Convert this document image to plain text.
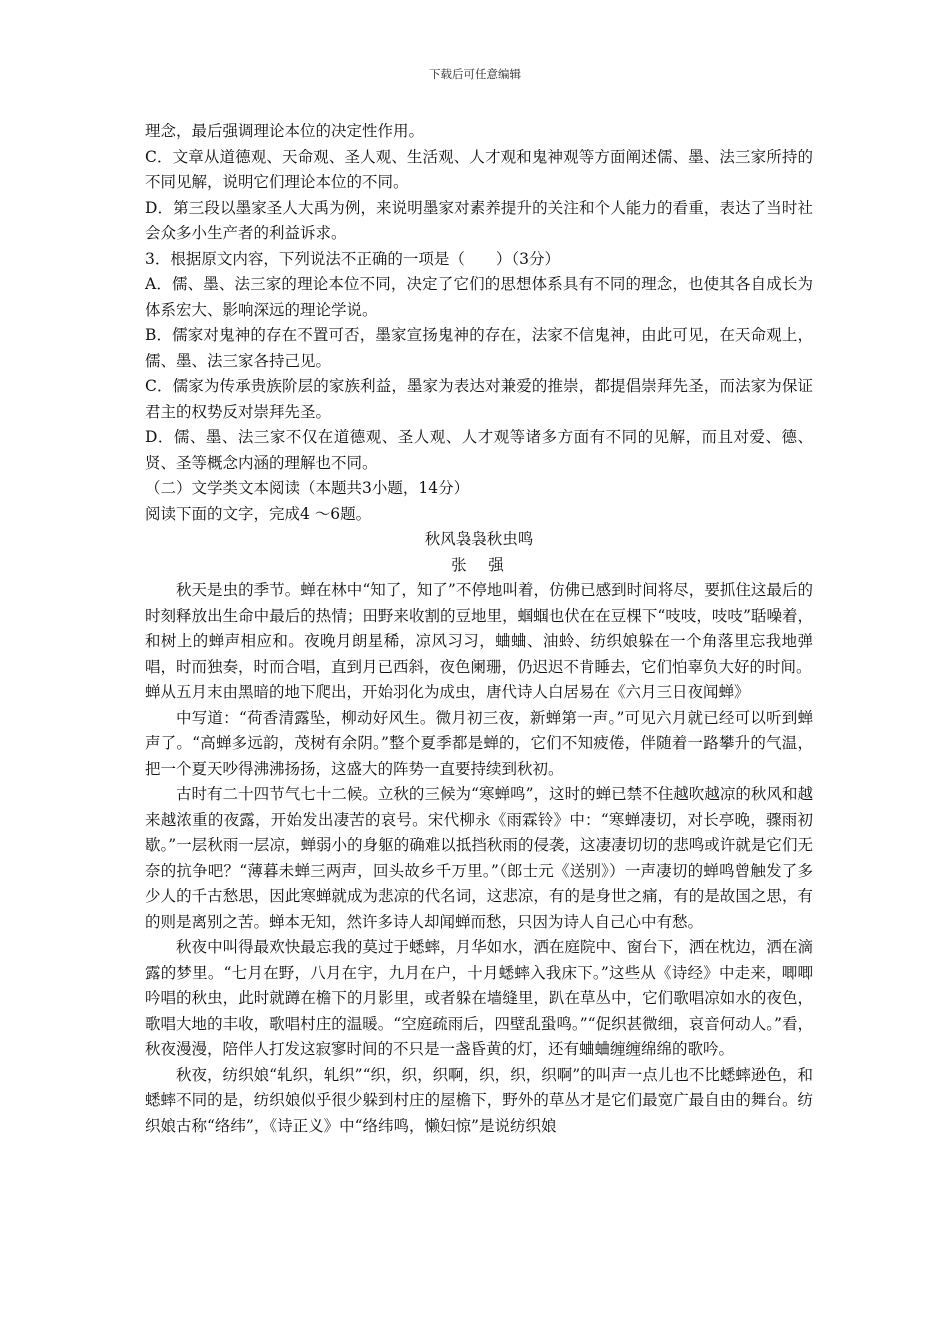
下载后可任意编辑

理念，最后强调理论本位的决定性作用。

C．文章从道德观、天命观、圣人观、生活观、人才观和鬼神观等方面阐述儒、墨、法三家所持的不同见解，说明它们理论本位的不同。

D．第三段以墨家圣人大禹为例，来说明墨家对素养提升的关注和个人能力的看重，表达了当时社会众多小生产者的利益诉求。

3．根据原文内容，下列说法不正确的一项是（　　）（3分）

A．儒、墨、法三家的理论本位不同，决定了它们的思想体系具有不同的理念，也使其各自成长为体系宏大、影响深远的理论学说。

B．儒家对鬼神的存在不置可否，墨家宣扬鬼神的存在，法家不信鬼神，由此可见，在天命观上，儒、墨、法三家各持己见。

C．儒家为传承贵族阶层的家族利益，墨家为表达对兼爱的推崇，都提倡崇拜先圣，而法家为保证君主的权势反对崇拜先圣。

D．儒、墨、法三家不仅在道德观、圣人观、人才观等诸多方面有不同的见解，而且对爱、德、贤、圣等概念内涵的理解也不同。

（二）文学类文本阅读（本题共3小题，14分）

阅读下面的文字，完成4 ～6题。

秋风袅袅秋虫鸣

张　强

秋天是虫的季节。蝉在林中“知了，知了”不停地叫着，仿佛已感到时间将尽，要抓住这最后的时刻释放出生命中最后的热情；田野来收割的豆地里，蝈蝈也伏在在豆棵下“吱吱，吱吱”聒噪着，和树上的蝉声相应和。夜晚月朗星稀，凉风习习，蛐蛐、油蛉、纺织娘躲在一个角落里忘我地弹唱，时而独奏，时而合唱，直到月已西斜，夜色阑珊，仍迟迟不肯睡去，它们怕辜负大好的时间。

蝉从五月末由黑暗的地下爬出，开始羽化为成虫，唐代诗人白居易在《六月三日夜闻蝉》

中写道：“荷香清露坠，柳动好风生。微月初三夜，新蝉第一声。”可见六月就已经可以听到蝉声了。“高蝉多远韵，茂树有余阴。”整个夏季都是蝉的，它们不知疲倦，伴随着一路攀升的气温，把一个夏天吵得沸沸扬扬，这盛大的阵势一直要持续到秋初。

古时有二十四节气七十二候。立秋的三候为“寒蝉鸣”，这时的蝉已禁不住越吹越凉的秋风和越来越浓重的夜露，开始发出凄苦的哀号。宋代柳永《雨霖铃》中：“寒蝉凄切，对长亭晚，骤雨初歇。”一层秋雨一层凉，蝉弱小的身躯的确难以抵挡秋雨的侵袭，这凄凄切切的悲鸣或许就是它们无奈的抗争吧？“薄暮未蝉三两声，回头故乡千万里。”（郎士元《送别》）一声凄切的蝉鸣曾触发了多少人的千古愁思，因此寒蝉就成为悲凉的代名词，这悲凉，有的是身世之痛，有的是故国之思，有的则是离别之苦。蝉本无知，然许多诗人却闻蝉而愁，只因为诗人自己心中有愁。

秋夜中叫得最欢快最忘我的莫过于蟋蟀，月华如水，洒在庭院中、窗台下，洒在枕边，洒在滴露的梦里。“七月在野，八月在宇，九月在户，十月蟋蟀入我床下。”这些从《诗经》中走来，唧唧吟唱的秋虫，此时就蹲在檐下的月影里，或者躲在墙缝里，趴在草丛中，它们歌唱凉如水的夜色，歌唱大地的丰收，歌唱村庄的温暖。“空庭疏雨后，四壁乱蛩鸣。”“促织甚微细，哀音何动人。”看，秋夜漫漫，陪伴人打发这寂寥时间的不只是一盏昏黄的灯，还有蛐蛐缠缠绵绵的歌吟。

秋夜，纺织娘“轧织，轧织”“织，织，织啊，织，织，织啊”的叫声一点儿也不比蟋蟀逊色，和蟋蟀不同的是，纺织娘似乎很少躲到村庄的屋檐下，野外的草丛才是它们最宽广最自由的舞台。纺织娘古称“络纬”，《诗正义》中“络纬鸣，懒妇惊”是说纺织娘
